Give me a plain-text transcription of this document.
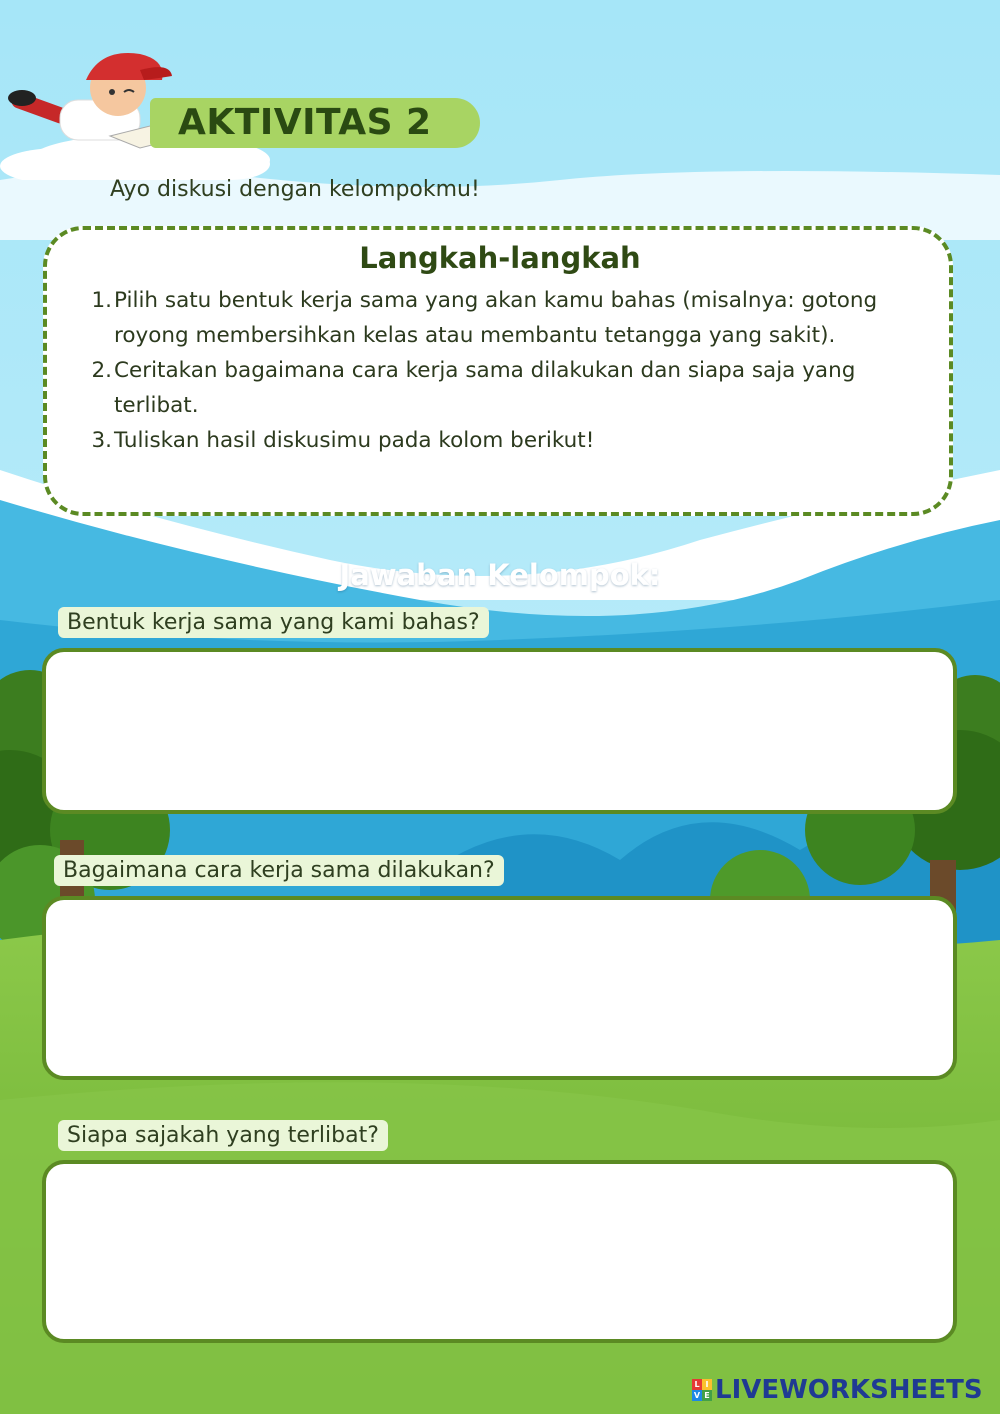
AKTIVITAS 2
Ayo diskusi dengan kelompokmu!
Langkah-langkah
1. Pilih satu bentuk kerja sama yang akan kamu bahas (misalnya: gotong royong membersihkan kelas atau membantu tetangga yang sakit).
2. Ceritakan bagaimana cara kerja sama dilakukan dan siapa saja yang terlibat.
3. Tuliskan hasil diskusimu pada kolom berikut!
Jawaban Kelompok:
Bentuk kerja sama yang kami bahas?
Bagaimana cara kerja sama dilakukan?
Siapa sajakah yang terlibat?
L I
V E LIVEWORKSHEETS
